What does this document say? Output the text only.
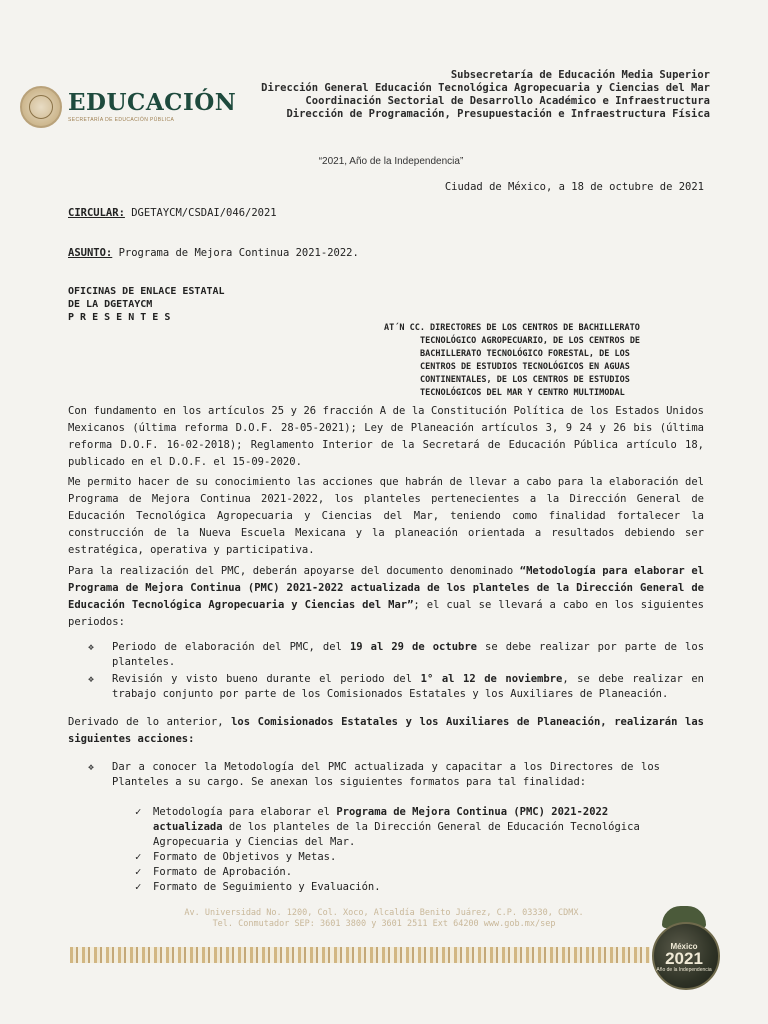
EDUCACIÓN
SECRETARÍA DE EDUCACIÓN PÚBLICA
Subsecretaría de Educación Media Superior
Dirección General Educación Tecnológica Agropecuaria y Ciencias del Mar
Coordinación Sectorial de Desarrollo Académico e Infraestructura
Dirección de Programación, Presupuestación e Infraestructura Física
“2021, Año de la Independencia”
Ciudad de México, a 18 de octubre de 2021
CIRCULAR: DGETAYCM/CSDAI/046/2021
ASUNTO: Programa de Mejora Continua 2021-2022.
OFICINAS DE ENLACE ESTATAL
DE LA DGETAYCM
P R E S E N T E S
AT´N CC. DIRECTORES DE LOS CENTROS DE BACHILLERATO
TECNOLÓGICO AGROPECUARIO, DE LOS CENTROS DE
BACHILLERATO TECNOLÓGICO FORESTAL, DE LOS
CENTROS DE ESTUDIOS TECNOLÓGICOS EN AGUAS
CONTINENTALES, DE LOS CENTROS DE ESTUDIOS
TECNOLÓGICOS DEL MAR Y CENTRO MULTIMODAL
Con fundamento en los artículos 25 y 26 fracción A de la Constitución Política de los Estados Unidos Mexicanos (última reforma D.O.F. 28-05-2021); Ley de Planeación artículos 3, 9 24 y 26 bis (última reforma D.O.F. 16-02-2018); Reglamento Interior de la Secretará de Educación Pública artículo 18, publicado en el D.O.F. el 15-09-2020.
Me permito hacer de su conocimiento las acciones que habrán de llevar a cabo para la elaboración del Programa de Mejora Continua 2021-2022, los planteles pertenecientes a la Dirección General de Educación Tecnológica Agropecuaria y Ciencias del Mar, teniendo como finalidad fortalecer la construcción de la Nueva Escuela Mexicana y la planeación orientada a resultados debiendo ser estratégica, operativa y participativa.
Para la realización del PMC, deberán apoyarse del documento denominado “Metodología para elaborar el Programa de Mejora Continua (PMC) 2021-2022 actualizada de los planteles de la Dirección General de Educación Tecnológica Agropecuaria y Ciencias del Mar”; el cual se llevará a cabo en los siguientes periodos:
❖	Periodo de elaboración del PMC, del 19 al 29 de octubre se debe realizar por parte de los planteles.
❖	Revisión y visto bueno durante el periodo del 1° al 12 de noviembre, se debe realizar en trabajo conjunto por parte de los Comisionados Estatales y los Auxiliares de Planeación.
Derivado de lo anterior, los Comisionados Estatales y los Auxiliares de Planeación, realizarán las siguientes acciones:
❖	Dar a conocer la Metodología del PMC actualizada y capacitar a los Directores de los Planteles a su cargo. Se anexan los siguientes formatos para tal finalidad:
✓	Metodología para elaborar el Programa de Mejora Continua (PMC) 2021-2022 actualizada de los planteles de la Dirección General de Educación Tecnológica Agropecuaria y Ciencias del Mar.
✓	Formato de Objetivos y Metas.
✓	Formato de Aprobación.
✓	Formato de Seguimiento y Evaluación.
Av. Universidad No. 1200, Col. Xoco, Alcaldía Benito Juárez, C.P. 03330, CDMX.
Tel. Conmutador SEP: 3601 3800 y 3601 2511 Ext 64200 www.gob.mx/sep
México
2021
Año de la Independencia
